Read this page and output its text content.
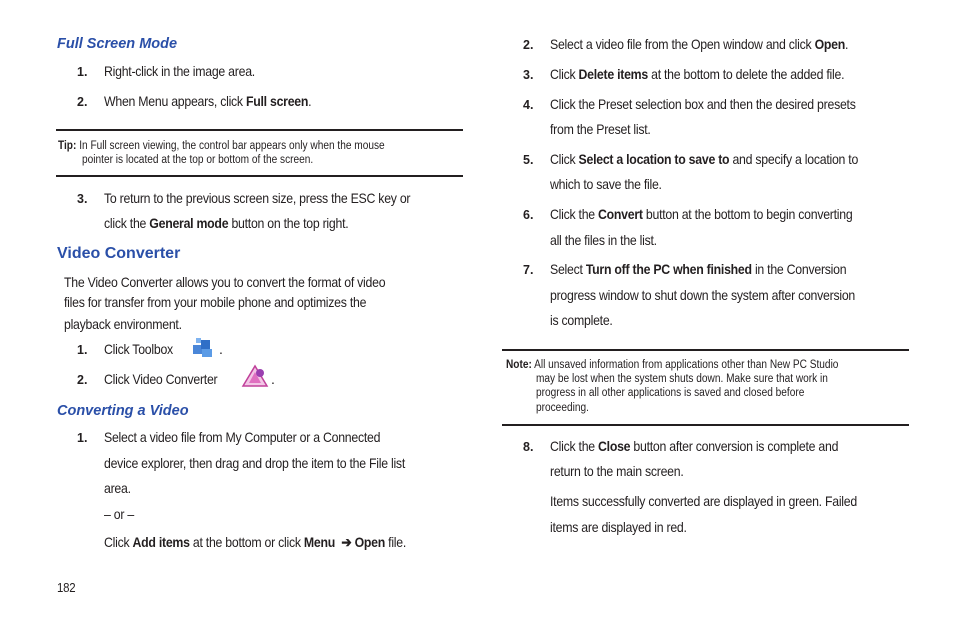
Full Screen Mode
1. Right-click in the image area.
2. When Menu appears, click Full screen.
Tip: In Full screen viewing, the control bar appears only when the mouse
pointer is located at the top or bottom of the screen.
3. To return to the previous screen size, press the ESC key or
click the General mode button on the top right.
Video Converter
The Video Converter allows you to convert the format of video
files for transfer from your mobile phone and optimizes the
playback environment.
1. Click Toolbox	.
2. Click Video Converter	.
Converting a Video
1. Select a video file from My Computer or a Connected
device explorer, then drag and drop the item to the File list
area.
– or –
Click Add items at the bottom or click Menu ➔ Open file.
182
2. Select a video file from the Open window and click Open.
3. Click Delete items at the bottom to delete the added file.
4. Click the Preset selection box and then the desired presets
from the Preset list.
5. Click Select a location to save to and specify a location to
which to save the file.
6. Click the Convert button at the bottom to begin converting
all the files in the list.
7. Select Turn off the PC when finished in the Conversion
progress window to shut down the system after conversion
is complete.
Note: All unsaved information from applications other than New PC Studio
may be lost when the system shuts down. Make sure that work in
progress in all other applications is saved and closed before
proceeding.
8. Click the Close button after conversion is complete and
return to the main screen.
Items successfully converted are displayed in green. Failed
items are displayed in red.
